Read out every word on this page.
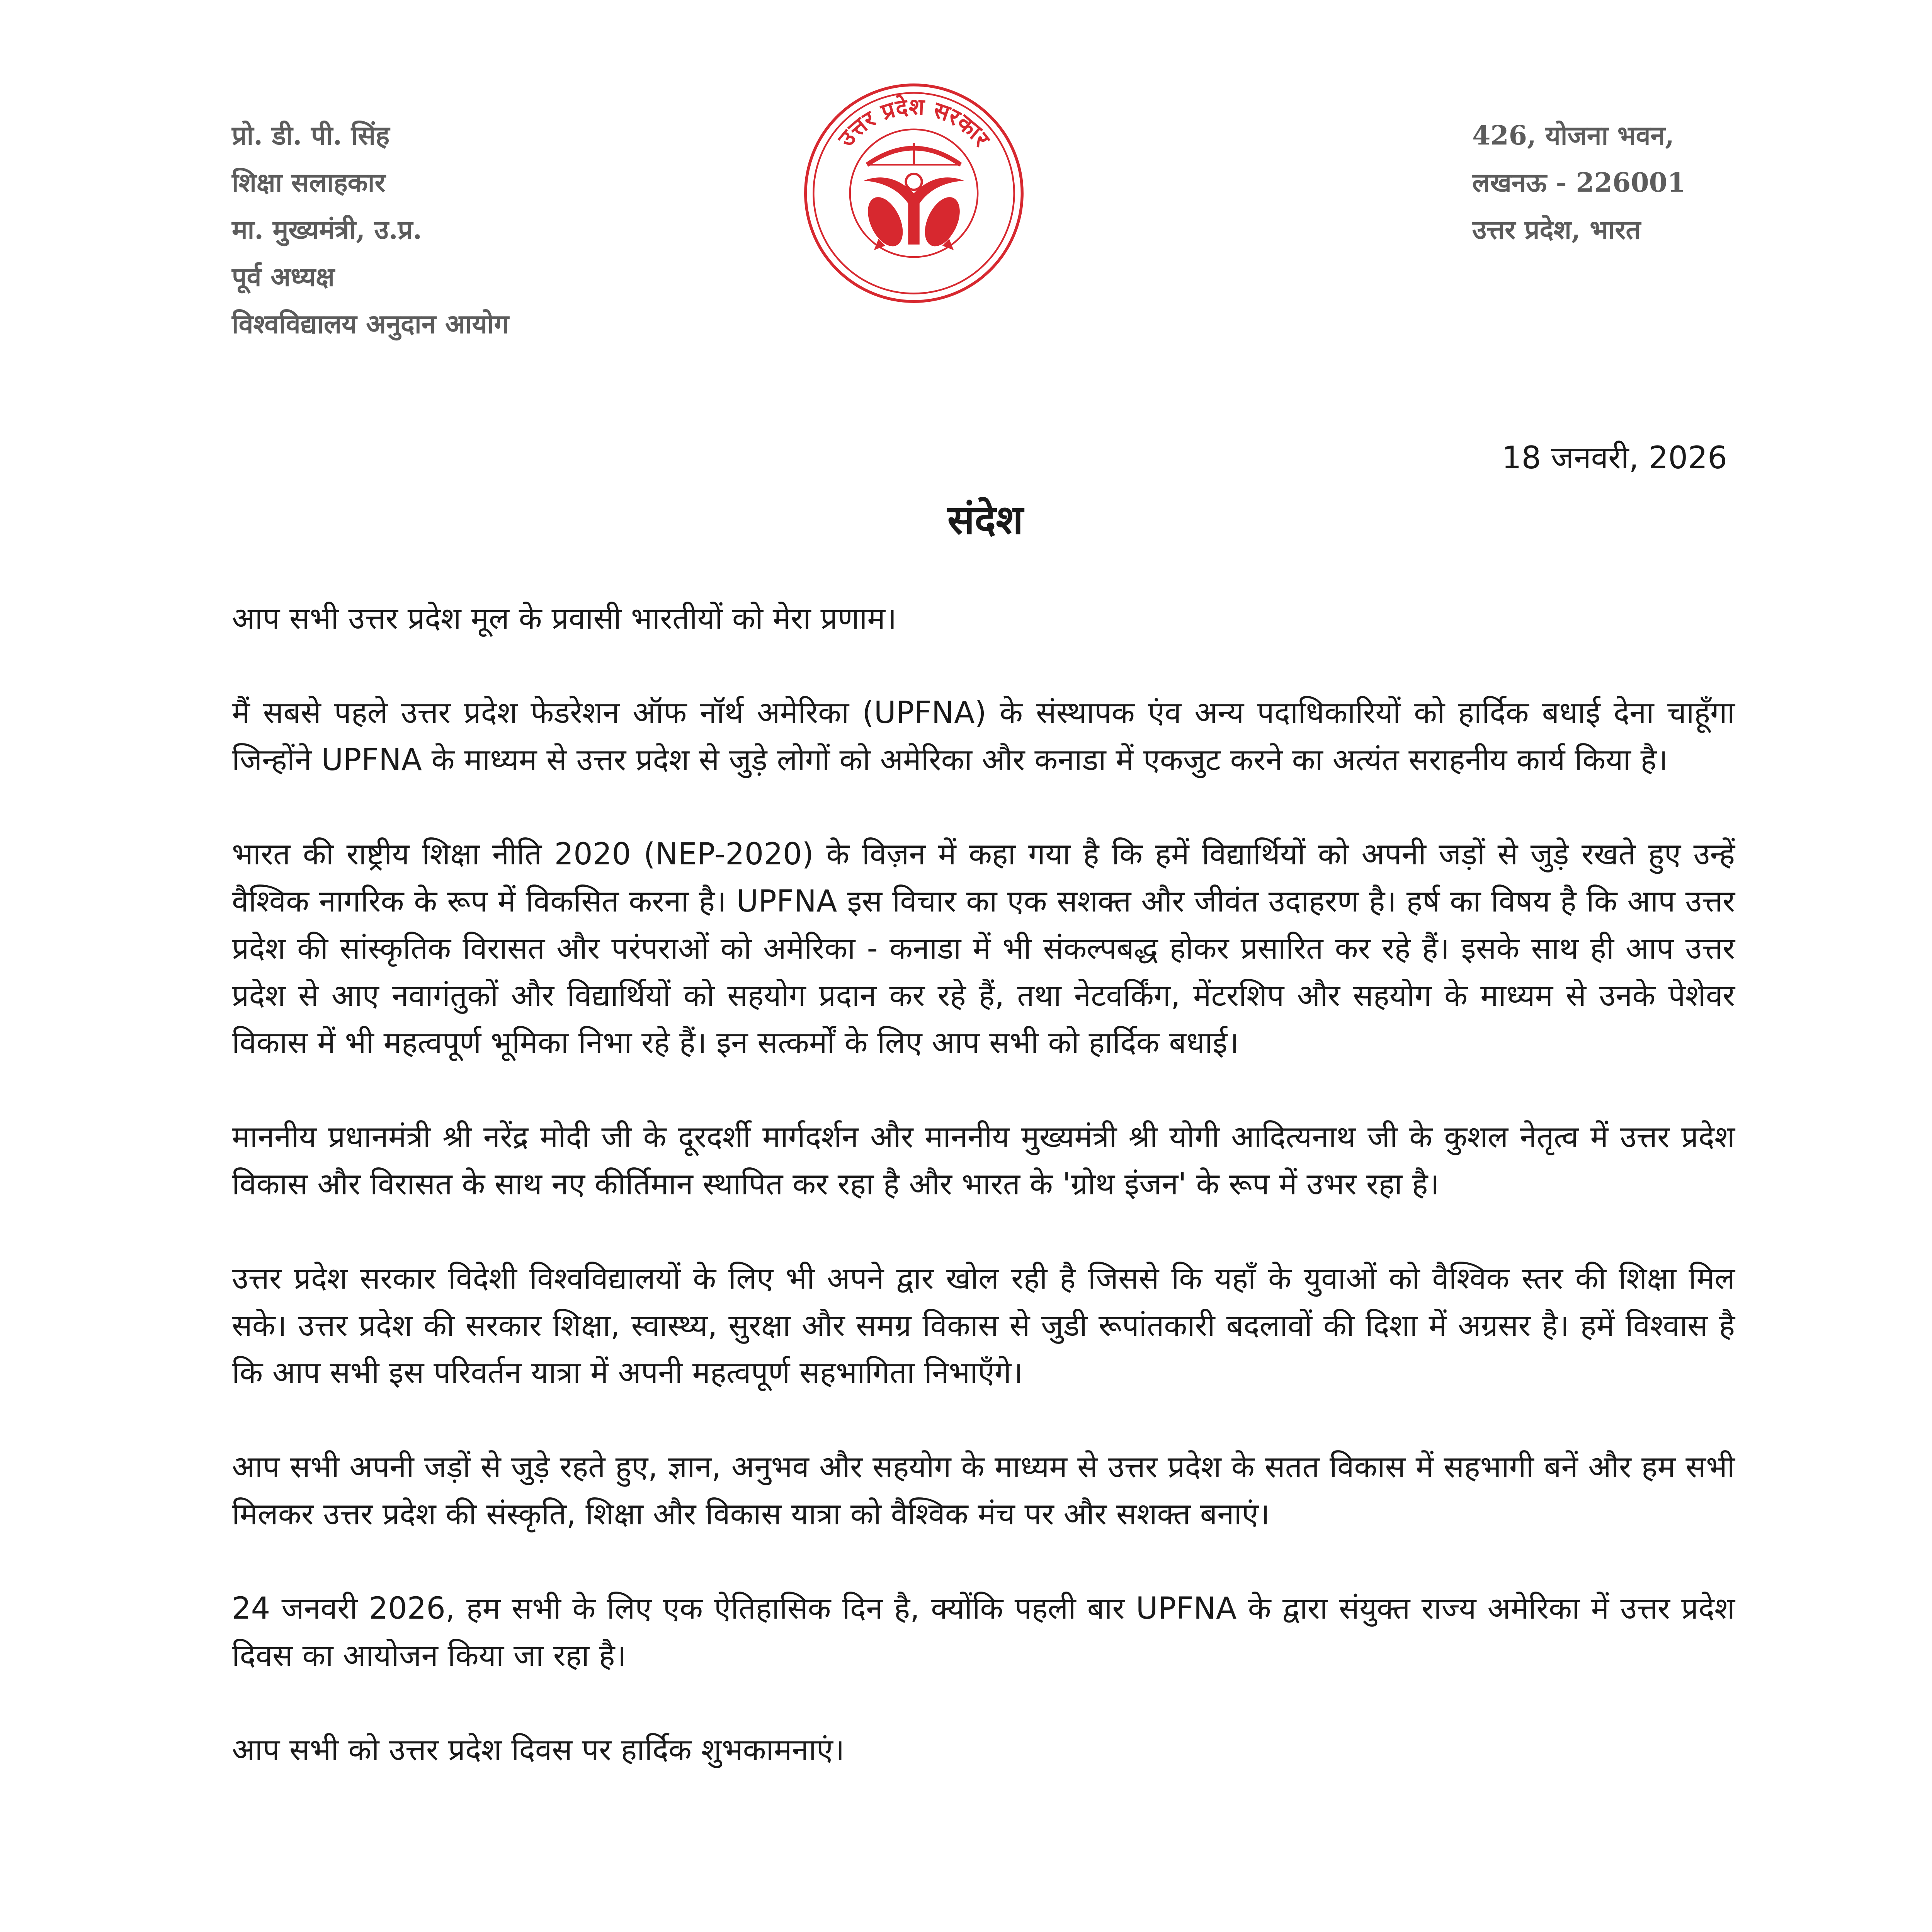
प्रो. डी. पी. सिंह
शिक्षा सलाहकार
मा. मुख्यमंत्री, उ.प्र.
पूर्व अध्यक्ष
विश्वविद्यालय अनुदान आयोग
उत्तर प्रदेश सरकार	426, योजना भवन,
लखनऊ - 226001
उत्तर प्रदेश, भारत
18 जनवरी, 2026
संदेश

आप सभी उत्तर प्रदेश मूल के प्रवासी भारतीयों को मेरा प्रणाम।

मैं सबसे पहले उत्तर प्रदेश फेडरेशन ऑफ नॉर्थ अमेरिका (UPFNA) के संस्थापक एंव अन्य पदाधिकारियों को हार्दिक बधाई देना चाहूँगा जिन्होंने UPFNA के माध्यम से उत्तर प्रदेश से जुड़े लोगों को अमेरिका और कनाडा में एकजुट करने का अत्यंत सराहनीय कार्य किया है।

भारत की राष्ट्रीय शिक्षा नीति 2020 (NEP-2020) के विज़न में कहा गया है कि हमें विद्यार्थियों को अपनी जड़ों से जुड़े रखते हुए उन्हें वैश्विक नागरिक के रूप में विकसित करना है। UPFNA इस विचार का एक सशक्त और जीवंत उदाहरण है। हर्ष का विषय है कि आप उत्तर प्रदेश की सांस्कृतिक विरासत और परंपराओं को अमेरिका - कनाडा में भी संकल्पबद्ध होकर प्रसारित कर रहे हैं। इसके साथ ही आप उत्तर प्रदेश से आए नवागंतुकों और विद्यार्थियों को सहयोग प्रदान कर रहे हैं, तथा नेटवर्किंग, मेंटरशिप और सहयोग के माध्यम से उनके पेशेवर विकास में भी महत्वपूर्ण भूमिका निभा रहे हैं। इन सत्कर्मों के लिए आप सभी को हार्दिक बधाई।

माननीय प्रधानमंत्री श्री नरेंद्र मोदी जी के दूरदर्शी मार्गदर्शन और माननीय मुख्यमंत्री श्री योगी आदित्यनाथ जी के कुशल नेतृत्व में उत्तर प्रदेश विकास और विरासत के साथ नए कीर्तिमान स्थापित कर रहा है और भारत के 'ग्रोथ इंजन' के रूप में उभर रहा है।

उत्तर प्रदेश सरकार विदेशी विश्वविद्यालयों के लिए भी अपने द्वार खोल रही है जिससे कि यहाँ के युवाओं को वैश्विक स्तर की शिक्षा मिल सके। उत्तर प्रदेश की सरकार शिक्षा, स्वास्थ्य, सुरक्षा और समग्र विकास से जुडी रूपांतकारी बदलावों की दिशा में अग्रसर है। हमें विश्वास है कि आप सभी इस परिवर्तन यात्रा में अपनी महत्वपूर्ण सहभागिता निभाएँगे।

आप सभी अपनी जड़ों से जुड़े रहते हुए, ज्ञान, अनुभव और सहयोग के माध्यम से उत्तर प्रदेश के सतत विकास में सहभागी बनें और हम सभी मिलकर उत्तर प्रदेश की संस्कृति, शिक्षा और विकास यात्रा को वैश्विक मंच पर और सशक्त बनाएं।

24 जनवरी 2026, हम सभी के लिए एक ऐतिहासिक दिन है, क्योंकि पहली बार UPFNA के द्वारा संयुक्त राज्य अमेरिका में उत्तर प्रदेश दिवस का आयोजन किया जा रहा है।

आप सभी को उत्तर प्रदेश दिवस पर हार्दिक शुभकामनाएं।
